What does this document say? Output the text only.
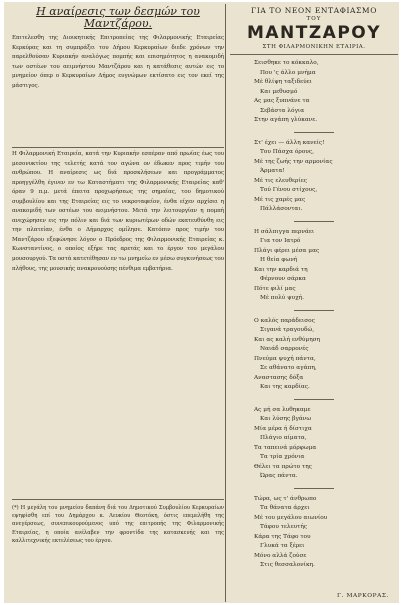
Η αναίρεσις των δεσμών του Μαντζάρου.

Επιτελεσθη της Διοικητικής Επιτροπείας της Φιλαρμονικής Εταιρείας Κερκύρας και τη συμπράξει του Δήμου Κερκυραίων διεδε χρόνων την παρελθούσαν Κυριακήν αναλόγως πομπής και επισημότητος η ανακομιδή των οστέων του αειμνήστου Μαντζάρου και η κατάθεσις αυτών εις το μνημείον όπερ ο Κερκυραίων Δήμος ευγνώμων εκτίσατο εις τον εκεί της μάστιγος.

Η Φιλαρμονική Εταιρεία, κατά την Κυριακήν εσπέραν από πρωίας έως του μεσονυκτίου της τελετής κατά τον αγώνα ον έδωκεν προς τιμήν του ανθρώπου. Η αναίρεσις ως διά προσκλήσεων και προγράμματος προηγγέλθη έγινεν εν τω Καταστήματι της Φιλαρμονικής Εταιρείας καθ' όραν 9 π.μ. μετά έπειτα προχωρήσεως της σημαίας, του δημοτικού συμβουλίου και της Εταιρείας εις το νεκροταφείον, ένθα είχεν αρχίσει η ανακομιδή των οστέων του αειμνήστου. Μετά την λειτουργίαν η πομπή ανεχώρησεν εις την πόλιν και διά των κυριωτέρων οδών εκατευθύνθη εις την πλατείαν, ένθα ο Δήμαρχος ομίλησε. Κατόπιν προς τιμήν του Μαντζάρου εξεφώνησε λόγον ο Πρόεδρος της Φιλαρμονικής Εταιρείας κ. Κωνσταντίνος, ο οποίος εξήρε τας αρετάς και το έργον του μεγάλου μουσουργού. Τα οστά κατετέθησαν εν τω μνημείω εν μέσω συγκινήσεως του πλήθους, της μουσικής ανακρουούσης πένθιμα εμβατήρια.

(*) Η μεγάλη του μνημείου δαπάνη διά του Δημοτικού Συμβουλίου Κερκυραίων εψηφίσθη επί του Δημάρχου κ. Λευκίου Θεοτόκη, όστις επεμελήθη της ανεγέρσεως, συνεπικουρούμενος υπό της επιτροπής της Φιλαρμονικής Εταιρείας, η οποία ανέλαβεν την φροντίδα της κατασκευής και της καλλιτεχνικής εκτελέσεως του έργου.

ΓΙΑ ΤΟ ΝΕΟΝ ΕΝΤΑΦΙΑΣΜΟ
ΤΟΥ
ΜΑΝΤΖΑΡΟΥ
ΣΤΗ ΦΙΛΑΡΜΟΝΙΚΗΝ ΕΤΑΙΡΙΑ.

Σεισθηκε το κόκκαλο,

Που 'ς άλλο μνήμα

Μέ θλίψη ταξιδεύει

Και μεθυσμό

Ας μας ξυπνάνε τα

Σεβάστα λόγια

Στην αγάπη γλύκανε.

Στ' έχει — άλλη κανείς!

Του Πάσχα όρους,

Μέ της ζωής την αρμονίας

Άρματα!

Μέ τις ελευθερίες

Τού Γένου στίχους,

Μέ τις χαρές μας

Πάλλάσονται.

Η σάλπιγγα περνάει

Για τον Ιατρό

Πλάγι φέρει μέσα μας

Η θεία φωνή

Και την καρδιά τη

Φέρνουν σάρκα

Πότε φιλί μας

Μέ πολύ ψυχή.

Ο καλός παράδεισος

Σιγανά τραγουδώ,

Και ας καλή ενθύμηση

Ναιάδ σαρρονές

Πνεύμα ψυχή πάντα,

Σε αθάνατο αγάπη,

Αναστασης δόξα

Και της καρδίας.

Ας μή σα λυθηκαμε

Και λύσης βγάνω

Μία μέρα ή δίστιχα

Πλάγιο αίματα,

Τα ταπεινά μόρφωμα

Τα τρία χρόνια

Θέλει τα πρώτο της

Ώρας πάντα.

Τώρα, ως τ' άνθρωπο

Τα θάνατα άρχει

Μέ του μεγάλου αιωνίου

Τάφου τελευτής

Κάρα της Τάφο του

Γλυκά τα ξέρει

Μόνο αλλά ζούσε

Στις θεσσαλονίκη.

Γ. ΜΑΡΚΟΡΑΣ.
